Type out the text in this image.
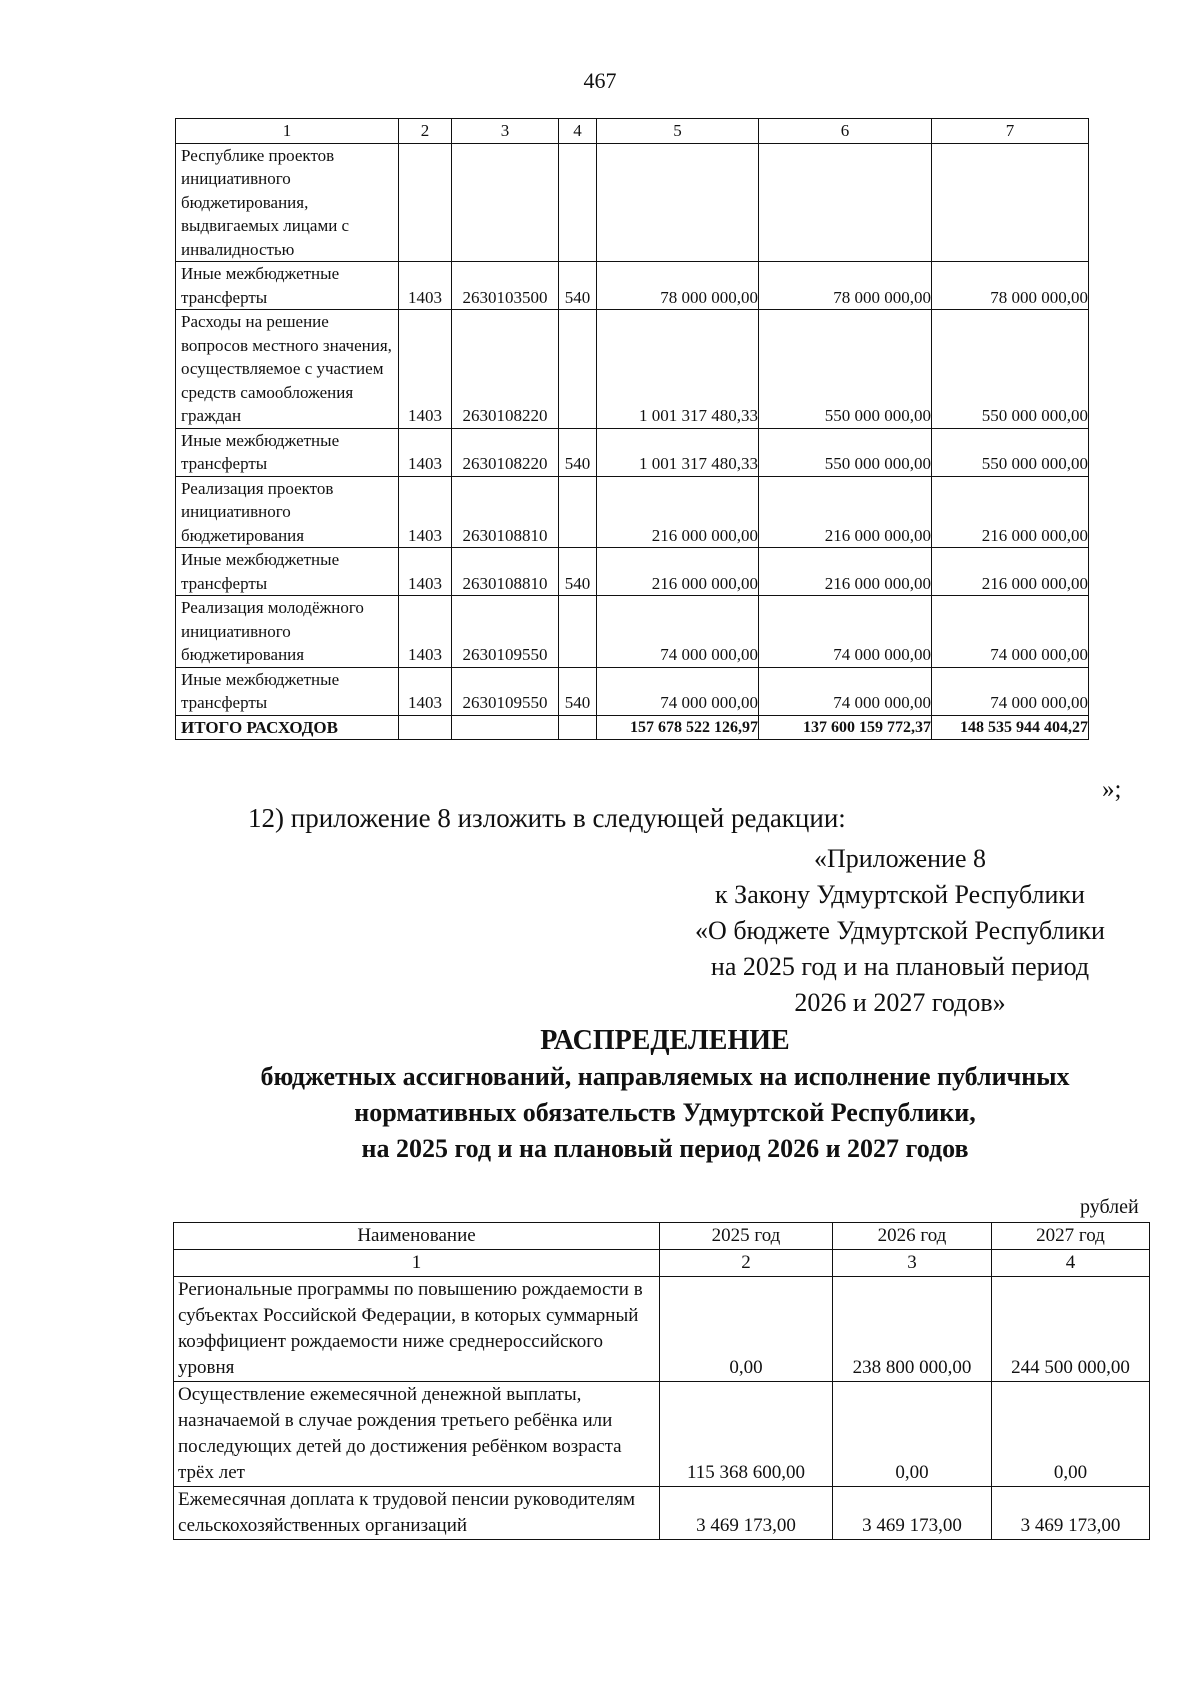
467
1	2	3	4	5	6	7
Республике проектов инициативного бюджетирования, выдвигаемых лицами с инвалидностью						
Иные межбюджетные трансферты	1403	2630103500	540	78 000 000,00	78 000 000,00	78 000 000,00
Расходы на решение вопросов местного значения, осуществляемое с участием средств самообложения граждан	1403	2630108220		1 001 317 480,33	550 000 000,00	550 000 000,00
Иные межбюджетные трансферты	1403	2630108220	540	1 001 317 480,33	550 000 000,00	550 000 000,00
Реализация проектов инициативного бюджетирования	1403	2630108810		216 000 000,00	216 000 000,00	216 000 000,00
Иные межбюджетные трансферты	1403	2630108810	540	216 000 000,00	216 000 000,00	216 000 000,00
Реализация молодёжного инициативного бюджетирования	1403	2630109550		74 000 000,00	74 000 000,00	74 000 000,00
Иные межбюджетные трансферты	1403	2630109550	540	74 000 000,00	74 000 000,00	74 000 000,00
ИТОГО РАСХОДОВ				157 678 522 126,97	137 600 159 772,37	148 535 944 404,27
»;
12) приложение 8 изложить в следующей редакции:
«Приложение 8
к Закону Удмуртской Республики
«О бюджете Удмуртской Республики
на 2025 год и на плановый период
2026 и 2027 годов»
РАСПРЕДЕЛЕНИЕ
бюджетных ассигнований, направляемых на исполнение публичных
нормативных обязательств Удмуртской Республики,
на 2025 год и на плановый период 2026 и 2027 годов
рублей
Наименование	2025 год	2026 год	2027 год
1	2	3	4
Региональные программы по повышению рождаемости в субъектах Российской Федерации, в которых суммарный коэффициент рождаемости ниже среднероссийского уровня	0,00	238 800 000,00	244 500 000,00
Осуществление ежемесячной денежной выплаты, назначаемой в случае рождения третьего ребёнка или последующих детей до достижения ребёнком возраста трёх лет	115 368 600,00	0,00	0,00
Ежемесячная доплата к трудовой пенсии руководителям сельскохозяйственных организаций	3 469 173,00	3 469 173,00	3 469 173,00
